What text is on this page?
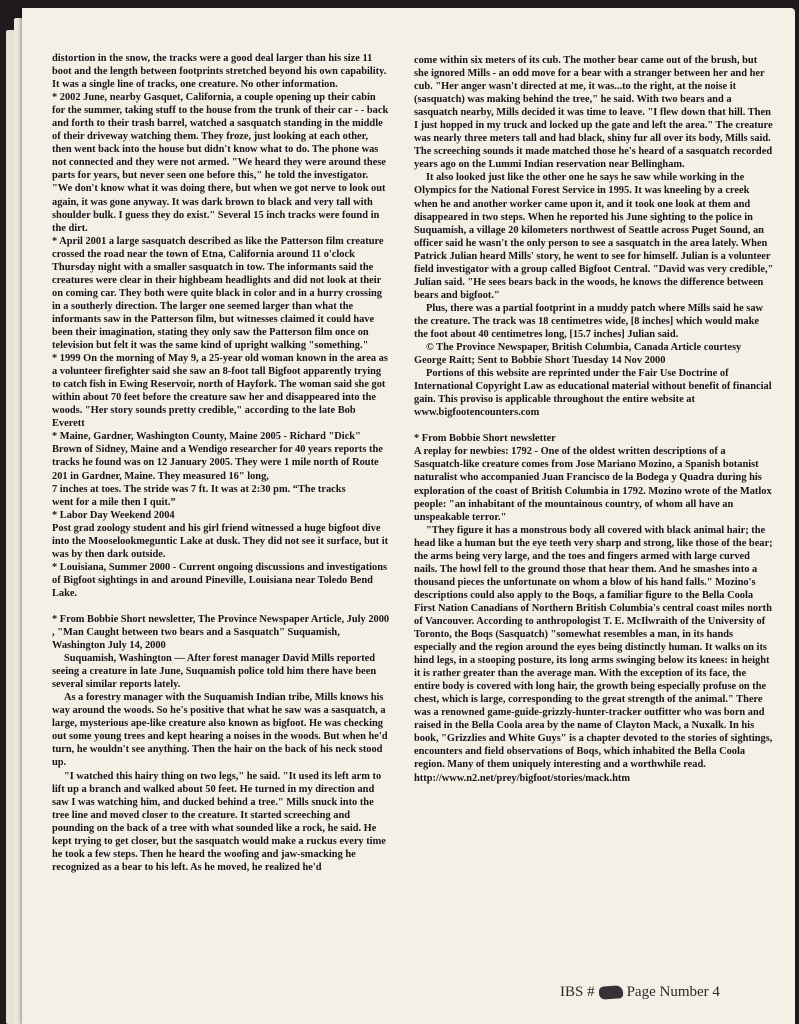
distortion in the snow, the tracks were a good deal larger than his size 11 boot and the length between footprints stretched beyond his own capability. It was a single line of tracks, one creature. No other information.

* 2002 June, nearby Gasquet, California, a couple opening up their cabin for the summer, taking stuff to the house from the trunk of their car - - back and forth to their trash barrel, watched a sasquatch standing in the middle of their driveway watching them. They froze, just looking at each other, then went back into the house but didn't know what to do. The phone was not connected and they were not armed. "We heard they were around these parts for years, but never seen one before this," he told the investigator. "We don't know what it was doing there, but when we got nerve to look out again, it was gone anyway. It was dark brown to black and very tall with shoulder bulk. I guess they do exist." Several 15 inch tracks were found in the dirt.

* April 2001 a large sasquatch described as like the Patterson film creature crossed the road near the town of Etna, California around 11 o'clock Thursday night with a smaller sasquatch in tow. The informants said the creatures were clear in their highbeam headlights and did not look at their on coming car. They both were quite black in color and in a hurry crossing in a southerly direction. The larger one seemed larger than what the informants saw in the Patterson film, but witnesses claimed it could have been their imagination, stating they only saw the Patterson film once on television but felt it was the same kind of upright walking "something."

* 1999 On the morning of May 9, a 25-year old woman known in the area as a volunteer firefighter said she saw an 8-foot tall Bigfoot apparently trying to catch fish in Ewing Reservoir, north of Hayfork. The woman said she got within about 70 feet before the creature saw her and disappeared into the woods. "Her story sounds pretty credible," according to the late Bob Everett

* Maine, Gardner, Washington County, Maine 2005 - Richard "Dick" Brown of Sidney, Maine and a Wendigo researcher for 40 years reports the tracks he found was on 12 January 2005. They were 1 mile north of Route 201 in Gardner, Maine. They measured 16" long,

7 inches at toes. The stride was 7 ft. It was at 2:30 pm. “The tracks

went for a mile then I quit.”

* Labor Day Weekend 2004

Post grad zoology student and his girl friend witnessed a huge bigfoot dive into the Mooselookmeguntic Lake at dusk. They did not see it surface, but it was by then dark outside.

* Louisiana, Summer 2000 - Current ongoing discussions and investigations of Bigfoot sightings in and around Pineville, Louisiana near Toledo Bend Lake.

* From Bobbie Short newsletter, The Province Newspaper Article, July 2000 , "Man Caught between two bears and a Sasquatch" Suquamish, Washington July 14, 2000

Suquamish, Washington — After forest manager David Mills reported seeing a creature in late June, Suquamish police told him there have been several similar reports lately.

As a forestry manager with the Suquamish Indian tribe, Mills knows his way around the woods. So he's positive that what he saw was a sasquatch, a large, mysterious ape-like creature also known as bigfoot. He was checking out some young trees and kept hearing a noises in the woods. But when he'd turn, he wouldn't see anything. Then the hair on the back of his neck stood up.

"I watched this hairy thing on two legs," he said. "It used its left arm to lift up a branch and walked about 50 feet. He turned in my direction and saw I was watching him, and ducked behind a tree." Mills snuck into the tree line and moved closer to the creature. It started screeching and pounding on the back of a tree with what sounded like a rock, he said. He kept trying to get closer, but the sasquatch would make a ruckus every time he took a few steps. Then he heard the woofing and jaw-smacking he recognized as a bear to his left. As he moved, he realized he'd

come within six meters of its cub. The mother bear came out of the brush, but she ignored Mills - an odd move for a bear with a stranger between her and her cub. "Her anger wasn't directed at me, it was...to the right, at the noise it (sasquatch) was making behind the tree," he said. With two bears and a sasquatch nearby, Mills decided it was time to leave. "I flew down that hill. Then I just hopped in my truck and locked up the gate and left the area." The creature was nearly three meters tall and had black, shiny fur all over its body, Mills said. The screeching sounds it made matched those he's heard of a sasquatch recorded years ago on the Lummi Indian reservation near Bellingham.

It also looked just like the other one he says he saw while working in the Olympics for the National Forest Service in 1995. It was kneeling by a creek when he and another worker came upon it, and it took one look at them and disappeared in two steps. When he reported his June sighting to the police in Suquamish, a village 20 kilometers northwest of Seattle across Puget Sound, an officer said he wasn't the only person to see a sasquatch in the area lately. When Patrick Julian heard Mills' story, he went to see for himself. Julian is a volunteer field investigator with a group called Bigfoot Central. "David was very credible," Julian said. "He sees bears back in the woods, he knows the difference between bears and bigfoot."

Plus, there was a partial footprint in a muddy patch where Mills said he saw the creature. The track was 18 centimetres wide, [8 inches] which would make the foot about 40 centimetres long, [15.7 inches] Julian said.

© The Province Newspaper, British Columbia, Canada Article courtesy George Raitt; Sent to Bobbie Short Tuesday 14 Nov 2000

Portions of this website are reprinted under the Fair Use Doctrine of International Copyright Law as educational material without benefit of financial gain. This proviso is applicable throughout the entire website at www.bigfootencounters.com

* From Bobbie Short newsletter

A replay for newbies: 1792 - One of the oldest written descriptions of a Sasquatch-like creature comes from Jose Mariano Mozino, a Spanish botanist naturalist who accompanied Juan Francisco de la Bodega y Quadra during his exploration of the coast of British Columbia in 1792. Mozino wrote of the Matlox people: "an inhabitant of the mountainous country, of whom all have an unspeakable terror."

"They figure it has a monstrous body all covered with black animal hair; the head like a human but the eye teeth very sharp and strong, like those of the bear; the arms being very large, and the toes and fingers armed with large curved nails. The howl fell to the ground those that hear them. And he smashes into a thousand pieces the unfortunate on whom a blow of his hand falls." Mozino's descriptions could also apply to the Boqs, a familiar figure to the Bella Coola First Nation Canadians of Northern British Columbia's central coast miles north of Vancouver. According to anthropologist T. E. McIlwraith of the University of Toronto, the Boqs (Sasquatch) "somewhat resembles a man, in its hands especially and the region around the eyes being distinctly human. It walks on its hind legs, in a stooping posture, its long arms swinging below its knees: in height it is rather greater than the average man. With the exception of its face, the entire body is covered with long hair, the growth being especially profuse on the chest, which is large, corresponding to the great strength of the animal." There was a renowned game-guide-grizzly-hunter-tracker outfitter who was born and raised in the Bella Coola area by the name of Clayton Mack, a Nuxalk. In his book, "Grizzlies and White Guys" is a chapter devoted to the stories of sightings, encounters and field observations of Boqs, which inhabited the Bella Coola region. Many of them uniquely interesting and a worthwhile read. http://www.n2.net/prey/bigfoot/stories/mack.htm

IBS # Page Number 4
